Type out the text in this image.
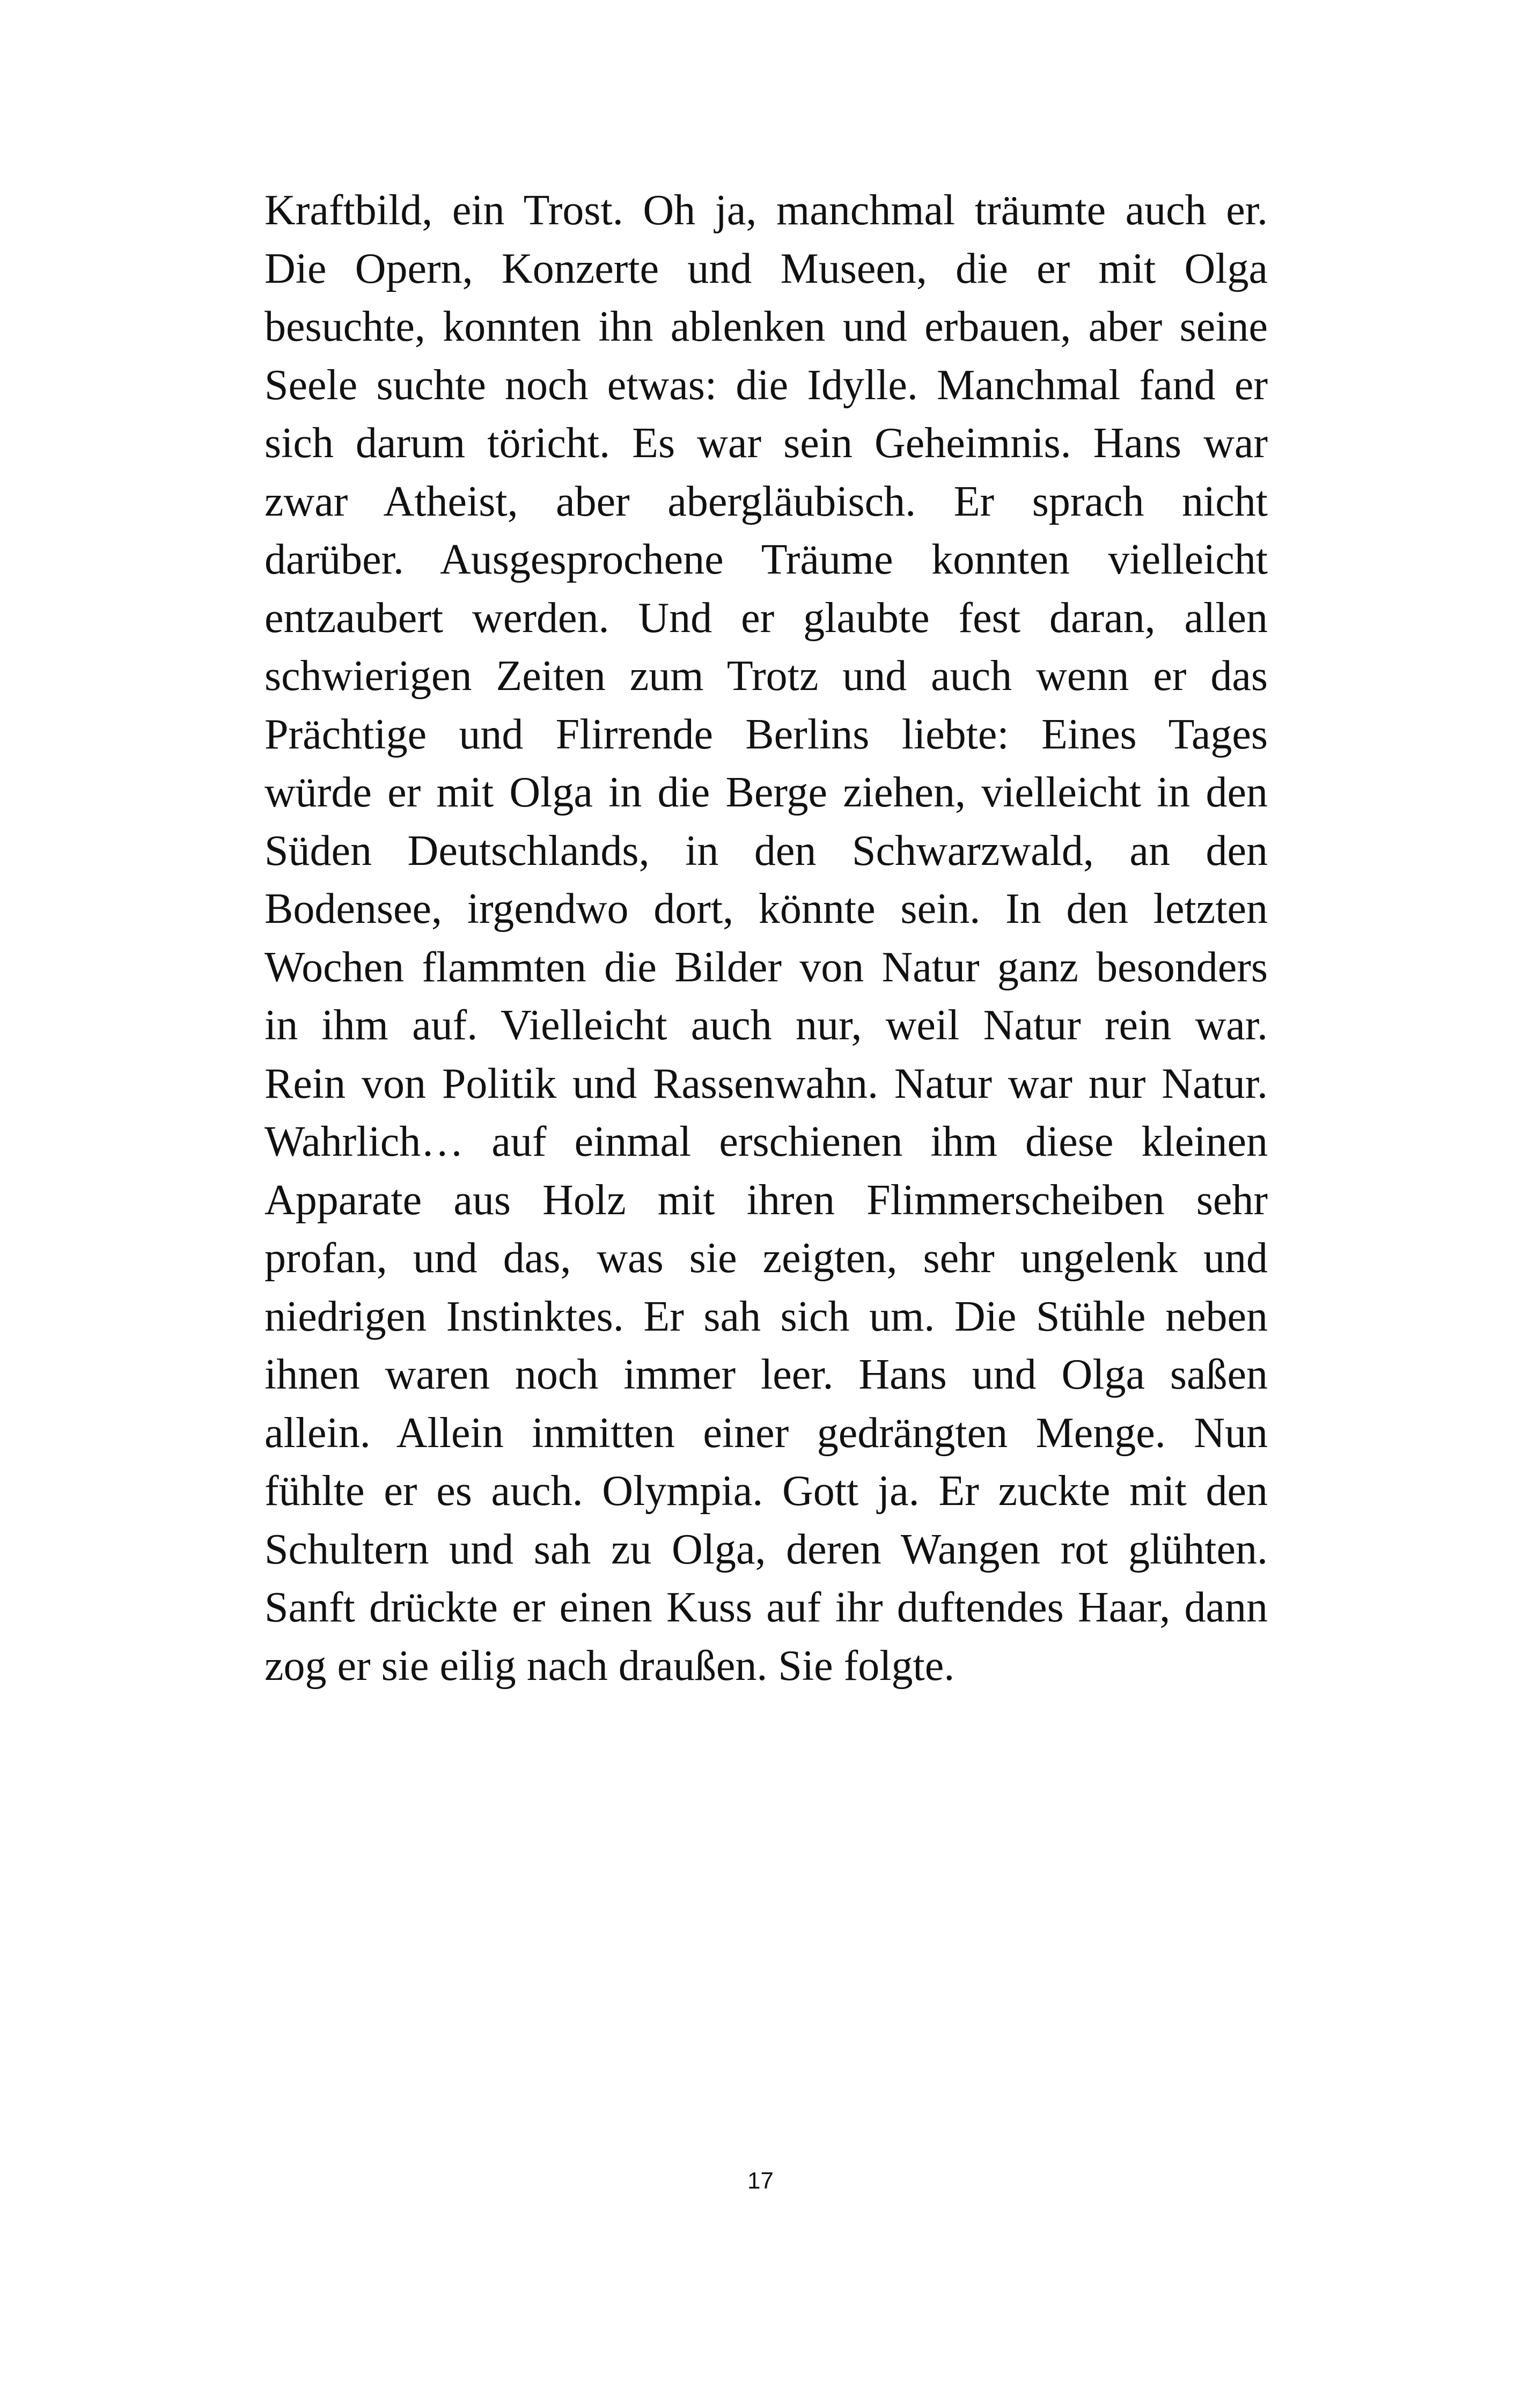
Kraftbild, ein Trost. Oh ja, manchmal träumte auch er.
Die Opern, Konzerte und Museen, die er mit Olga
besuchte, konnten ihn ablenken und erbauen, aber seine
Seele suchte noch etwas: die Idylle. Manchmal fand er
sich darum töricht. Es war sein Geheimnis. Hans war
zwar Atheist, aber abergläubisch. Er sprach nicht
darüber. Ausgesprochene Träume konnten vielleicht
entzaubert werden. Und er glaubte fest daran, allen
schwierigen Zeiten zum Trotz und auch wenn er das
Prächtige und Flirrende Berlins liebte: Eines Tages
würde er mit Olga in die Berge ziehen, vielleicht in den
Süden Deutschlands, in den Schwarzwald, an den
Bodensee, irgendwo dort, könnte sein. In den letzten
Wochen flammten die Bilder von Natur ganz besonders
in ihm auf. Vielleicht auch nur, weil Natur rein war.
Rein von Politik und Rassenwahn. Natur war nur Natur.
Wahrlich… auf einmal erschienen ihm diese kleinen
Apparate aus Holz mit ihren Flimmerscheiben sehr
profan, und das, was sie zeigten, sehr ungelenk und
niedrigen Instinktes. Er sah sich um. Die Stühle neben
ihnen waren noch immer leer. Hans und Olga saßen
allein. Allein inmitten einer gedrängten Menge. Nun
fühlte er es auch. Olympia. Gott ja. Er zuckte mit den
Schultern und sah zu Olga, deren Wangen rot glühten.
Sanft drückte er einen Kuss auf ihr duftendes Haar, dann
zog er sie eilig nach draußen. Sie folgte.
17
